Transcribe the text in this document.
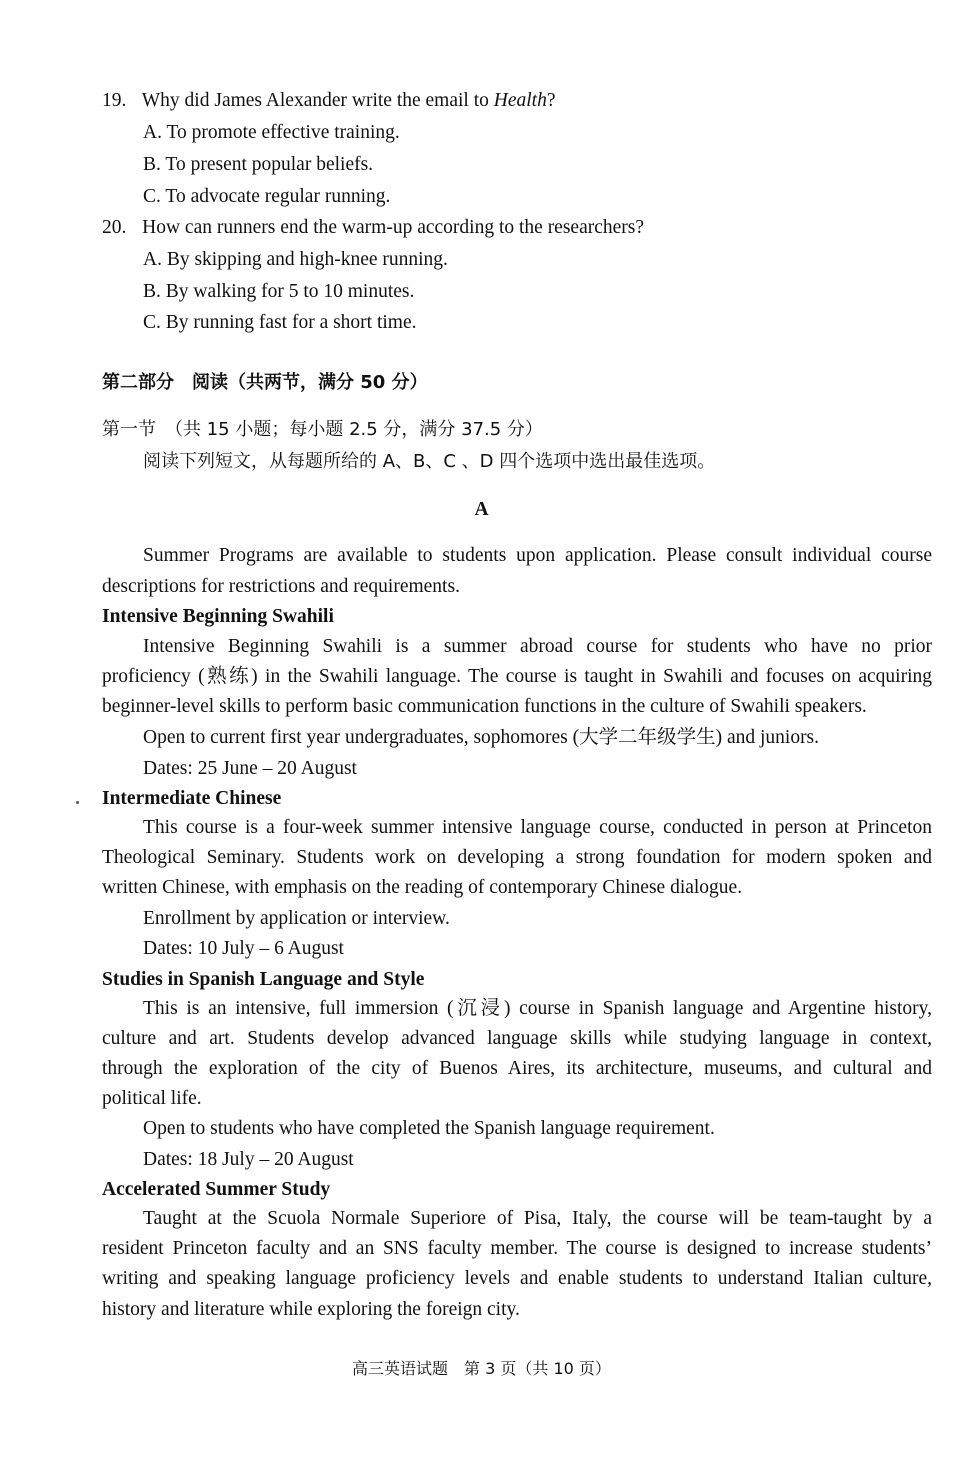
19. Why did James Alexander write the email to Health?
A. To promote effective training.
B. To present popular beliefs.
C. To advocate regular running.
20. How can runners end the warm-up according to the researchers?
A. By skipping and high-knee running.
B. By walking for 5 to 10 minutes.
C. By running fast for a short time.
第二部分　阅读（共两节，满分 50 分）
第一节　（共 15 小题；每小题 2.5 分，满分 37.5 分）
阅读下列短文，从每题所给的 A、B、C 、D 四个选项中选出最佳选项。
A
Summer Programs are available to students upon application. Please consult individual course
descriptions for restrictions and requirements.
Intensive Beginning Swahili
Intensive Beginning Swahili is a summer abroad course for students who have no prior
proficiency (熟练) in the Swahili language. The course is taught in Swahili and focuses on acquiring
beginner-level skills to perform basic communication functions in the culture of Swahili speakers.
Open to current first year undergraduates, sophomores (大学二年级学生) and juniors.
Dates: 25 June – 20 August
Intermediate Chinese
This course is a four-week summer intensive language course, conducted in person at Princeton
Theological Seminary. Students work on developing a strong foundation for modern spoken and
written Chinese, with emphasis on the reading of contemporary Chinese dialogue.
Enrollment by application or interview.
Dates: 10 July – 6 August
Studies in Spanish Language and Style
This is an intensive, full immersion (沉浸) course in Spanish language and Argentine history,
culture and art. Students develop advanced language skills while studying language in context,
through the exploration of the city of Buenos Aires, its architecture, museums, and cultural and
political life.
Open to students who have completed the Spanish language requirement.
Dates: 18 July – 20 August
Accelerated Summer Study
Taught at the Scuola Normale Superiore of Pisa, Italy, the course will be team-taught by a
resident Princeton faculty and an SNS faculty member. The course is designed to increase students’
writing and speaking language proficiency levels and enable students to understand Italian culture,
history and literature while exploring the foreign city.
高三英语试题　第 3 页（共 10 页）
